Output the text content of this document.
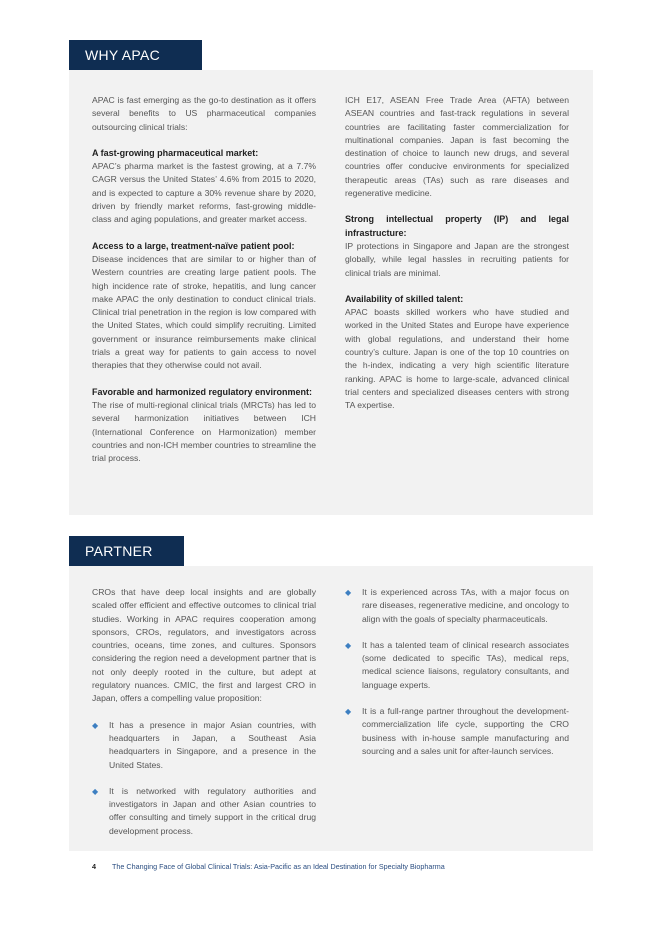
WHY APAC

APAC is fast emerging as the go-to destination as it offers several benefits to US pharmaceutical companies outsourcing clinical trials:

A fast-growing pharmaceutical market:
APAC’s pharma market is the fastest growing, at a 7.7% CAGR versus the United States’ 4.6% from 2015 to 2020, and is expected to capture a 30% revenue share by 2020, driven by friendly market reforms, fast-growing middle-class and aging populations, and greater market access.
Access to a large, treatment-naïve patient pool:
Disease incidences that are similar to or higher than of Western countries are creating large patient pools. The high incidence rate of stroke, hepatitis, and lung cancer make APAC the only destination to conduct clinical trials. Clinical trial penetration in the region is low compared with the United States, which could simplify recruiting. Limited government or insurance reimbursements make clinical trials a great way for patients to gain access to novel therapies that they otherwise could not avail.
Favorable and harmonized regulatory environment:
The rise of multi-regional clinical trials (MRCTs) has led to several harmonization initiatives between ICH (International Conference on Harmonization) member countries and non-ICH member countries to streamline the trial process.

ICH E17, ASEAN Free Trade Area (AFTA) between ASEAN countries and fast-track regulations in several countries are facilitating faster commercialization for multinational companies. Japan is fast becoming the destination of choice to launch new drugs, and several countries offer conducive environments for specialized therapeutic areas (TAs) such as rare diseases and regenerative medicine.

Strong intellectual property (IP) and legal infrastructure:
IP protections in Singapore and Japan are the strongest globally, while legal hassles in recruiting patients for clinical trials are minimal.
Availability of skilled talent:
APAC boasts skilled workers who have studied and worked in the United States and Europe have experience with global regulations, and understand their home country’s culture. Japan is one of the top 10 countries on the h-index, indicating a very high scientific literature ranking. APAC is home to large-scale, advanced clinical trial centers and specialized diseases centers with strong TA expertise.
PARTNER

CROs that have deep local insights and are globally scaled offer efficient and effective outcomes to clinical trial studies. Working in APAC requires cooperation among sponsors, CROs, regulators, and investigators across countries, oceans, time zones, and cultures. Sponsors considering the region need a development partner that is not only deeply rooted in the culture, but adept at regulatory nuances. CMIC, the first and largest CRO in Japan, offers a compelling value proposition:

◆ It has a presence in major Asian countries, with headquarters in Japan, a Southeast Asia headquarters in Singapore, and a presence in the United States.
◆ It is networked with regulatory authorities and investigators in Japan and other Asian countries to offer consulting and timely support in the critical drug development process.
◆ It is experienced across TAs, with a major focus on rare diseases, regenerative medicine, and oncology to align with the goals of specialty pharmaceuticals.
◆ It has a talented team of clinical research associates (some dedicated to specific TAs), medical reps, medical science liaisons, regulatory consultants, and language experts.
◆ It is a full-range partner throughout the development-commercialization life cycle, supporting the CRO business with in-house sample manufacturing and sourcing and a sales unit for after-launch services.
4 The Changing Face of Global Clinical Trials: Asia-Pacific as an Ideal Destination for Specialty Biopharma
